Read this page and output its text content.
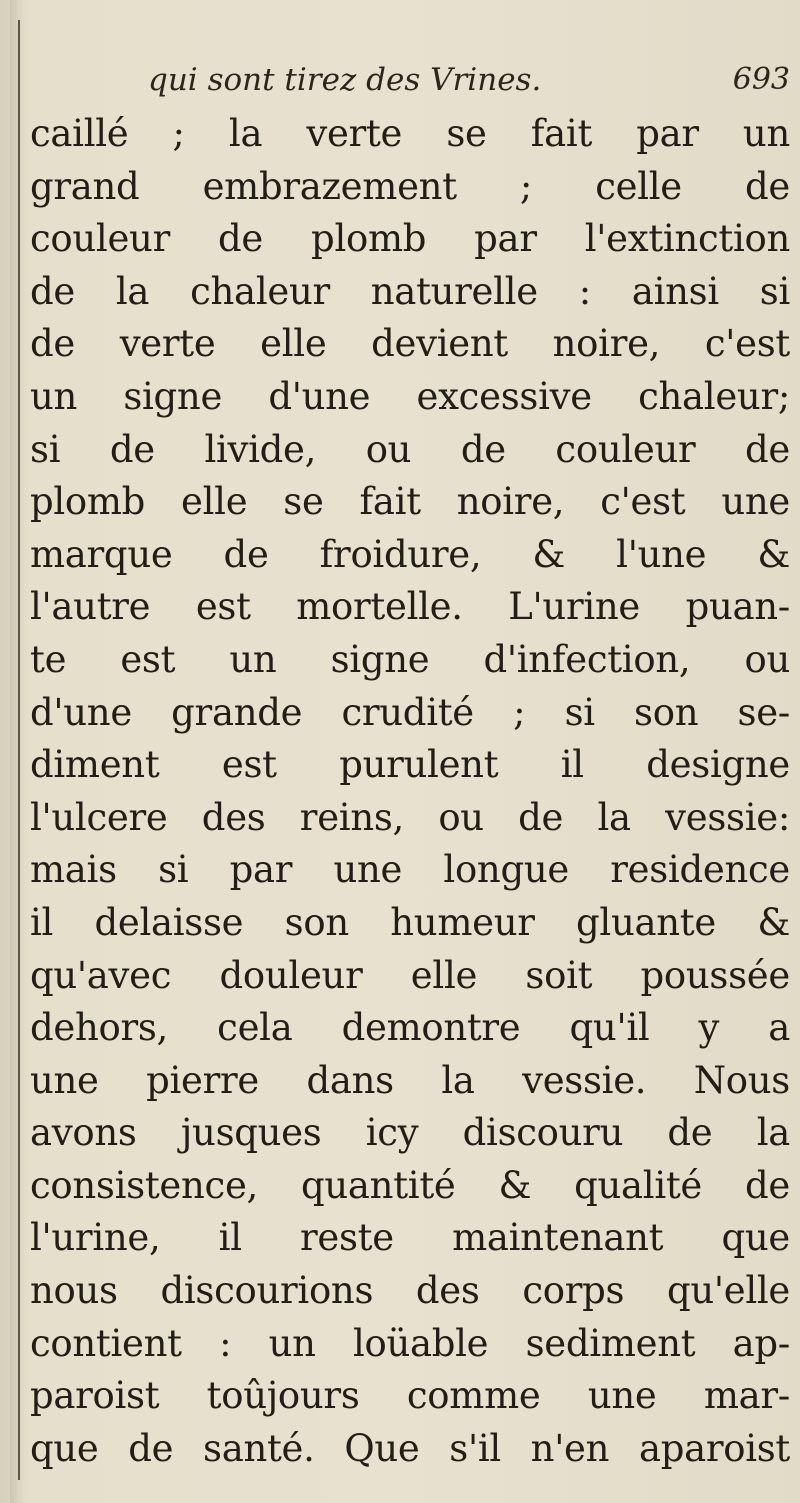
qui sont tirez des Vrines.	693
caillé ; la verte se fait par un
grand embrazement ; celle de
couleur de plomb par l'extinction
de la chaleur naturelle : ainsi si
de verte elle devient noire, c'est
un signe d'une excessive chaleur;
si de livide, ou de couleur de
plomb elle se fait noire, c'est une
marque de froidure, & l'une &
l'autre est mortelle. L'urine puan-
te est un signe d'infection, ou
d'une grande crudité ; si son se-
diment est purulent il designe
l'ulcere des reins, ou de la vessie:
mais si par une longue residence
il delaisse son humeur gluante &
qu'avec douleur elle soit poussée
dehors, cela demontre qu'il y a
une pierre dans la vessie. Nous
avons jusques icy discouru de la
consistence, quantité & qualité de
l'urine, il reste maintenant que
nous discourions des corps qu'elle
contient : un loüable sediment ap-
paroist toûjours comme une mar-
que de santé. Que s'il n'en aparoist
